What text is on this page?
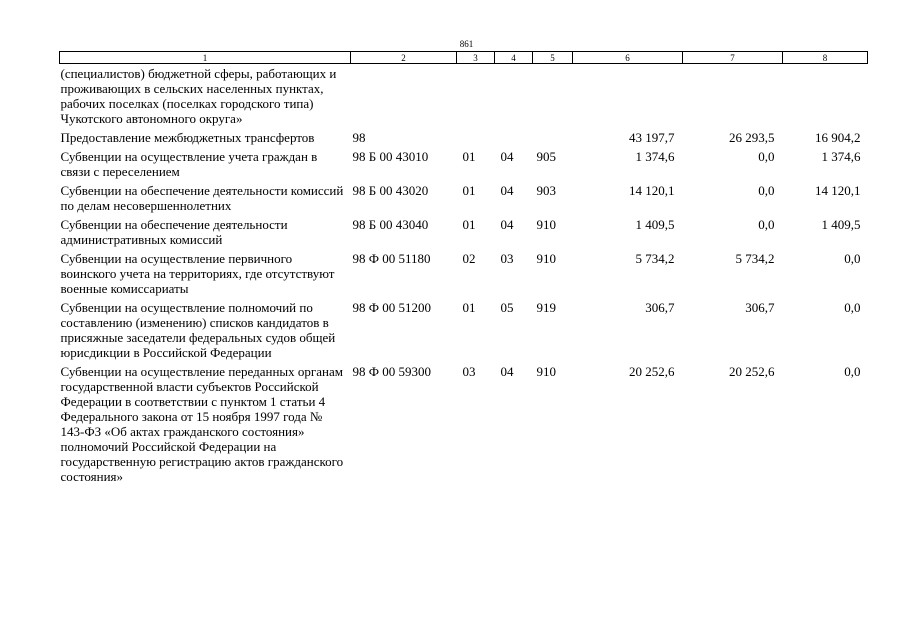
861
1	2	3	4	5	6	7	8
(специалистов) бюджетной сферы, работающих и проживающих в сельских населенных пунктах, рабочих поселках (поселках городского типа) Чукотского автономного округа»							
Предоставление межбюджетных трансфертов	98				43 197,7	26 293,5	16 904,2
Субвенции на осуществление учета граждан в связи с переселением	98 Б 00 43010	01	04	905	1 374,6	0,0	1 374,6
Субвенции на обеспечение деятельности комиссий по делам несовершеннолетних	98 Б 00 43020	01	04	903	14 120,1	0,0	14 120,1
Субвенции на обеспечение деятельности административных комиссий	98 Б 00 43040	01	04	910	1 409,5	0,0	1 409,5
Субвенции на осуществление первичного воинского учета на территориях, где отсутствуют военные комиссариаты	98 Ф 00 51180	02	03	910	5 734,2	5 734,2	0,0
Субвенции на осуществление полномочий по составлению (изменению) списков кандидатов в присяжные заседатели федеральных судов общей юрисдикции в Российской Федерации	98 Ф 00 51200	01	05	919	306,7	306,7	0,0
Субвенции на осуществление переданных органам государственной власти субъектов Российской Федерации в соответствии с пунктом 1 статьи 4 Федерального закона от 15 ноября 1997 года № 143-ФЗ «Об актах гражданского состояния» полномочий Российской Федерации на государственную регистрацию актов гражданского состояния»	98 Ф 00 59300	03	04	910	20 252,6	20 252,6	0,0
